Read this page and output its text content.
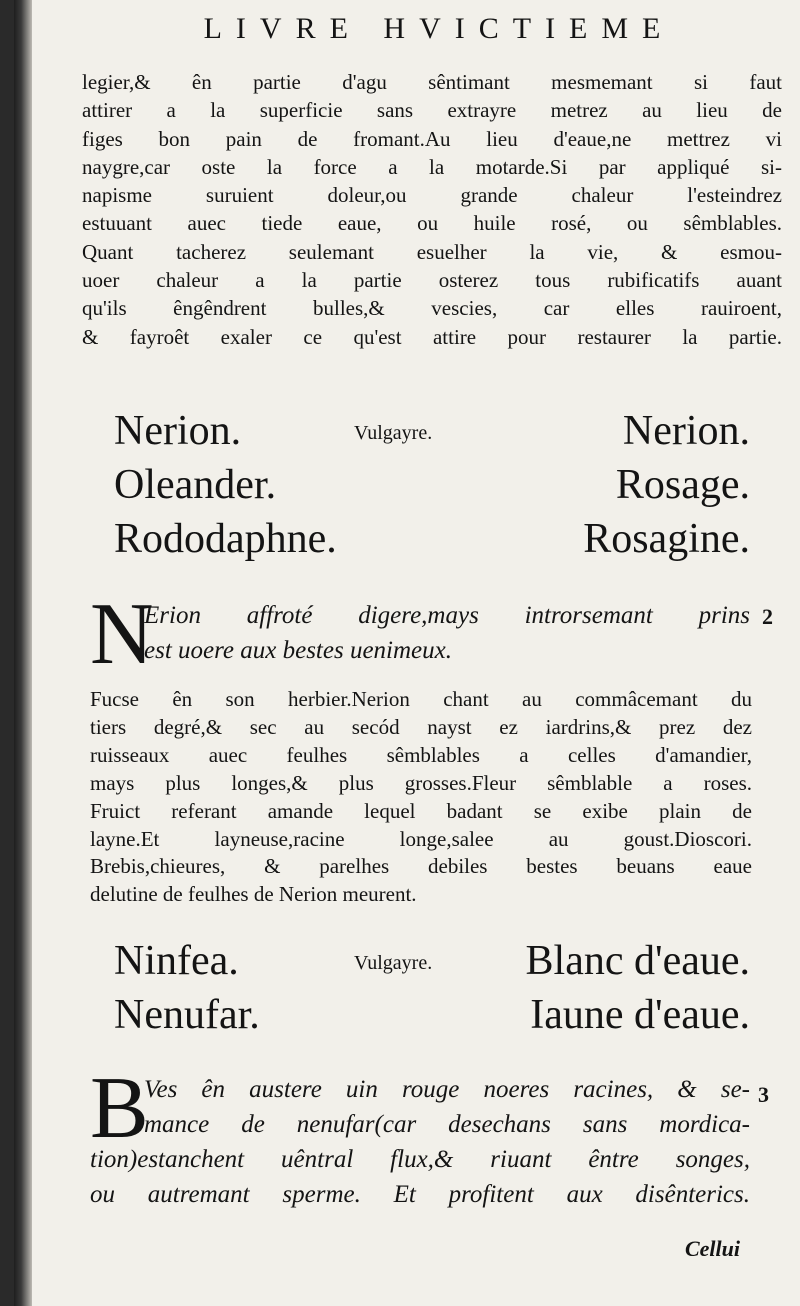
LIVRE HVICTIEME
legier,& ên partie d'agu sêntimant mesmemant si faut
attirer a la superficie sans extrayre metrez au lieu de
figes bon pain de fromant.Au lieu d'eaue,ne mettrez vi
naygre,car oste la force a la motarde.Si par appliqué si-
napisme suruient doleur,ou grande chaleur l'esteindrez
estuuant auec tiede eaue, ou huile rosé, ou sêmblables.
Quant tacherez seulemant esuelher la vie, & esmou-
uoer chaleur a la partie osterez tous rubificatifs auant
qu'ils êngêndrent bulles,& vescies, car elles rauiroent,
& fayroêt exaler ce qu'est attire pour restaurer la partie.
Nerion.	Vulgayre.	Nerion.
Oleander.	Rosage.
Rododaphne.	Rosagine.
N
Erion affroté digere,mays introrsemant prins
est uoere aux bestes uenimeux.
2
Fucse ên son herbier.Nerion chant au commâcemant du
tiers degré,& sec au secód nayst ez iardrins,& prez dez
ruisseaux auec feulhes sêmblables a celles d'amandier,
mays plus longes,& plus grosses.Fleur sêmblable a roses.
Fruict referant amande lequel badant se exibe plain de
layne.Et layneuse,racine longe,salee au goust.Dioscori.
Brebis,chieures, & parelhes debiles bestes beuans eaue
delutine de feulhes de Nerion meurent.
Ninfea.	Vulgayre. Blanc d'eaue.
Nenufar.	Iaune d'eaue.
B
Ves ên austere uin rouge noeres racines, & se-
mance de nenufar(car desechans sans mordica-
tion)estanchent uêntral flux,& riuant êntre songes,
ou autremant sperme. Et profitent aux disênterics.
3
Cellui
